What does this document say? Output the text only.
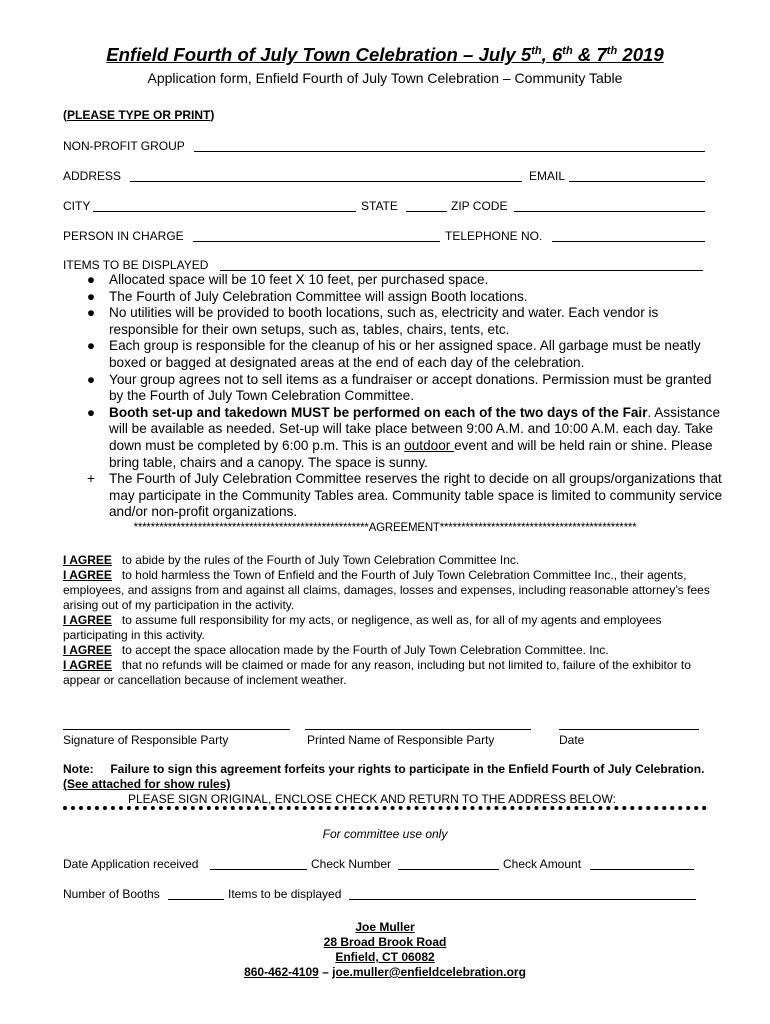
Enfield Fourth of July Town Celebration – July 5th, 6th & 7th 2019
Application form, Enfield Fourth of July Town Celebration – Community Table
(PLEASE TYPE OR PRINT)
NON-PROFIT GROUP
ADDRESS	EMAIL
CITY	STATE	ZIP CODE
PERSON IN CHARGE	TELEPHONE NO.
ITEMS TO BE DISPLAYED
● Allocated space will be 10 feet X 10 feet, per purchased space.
● The Fourth of July Celebration Committee will assign Booth locations.
● No utilities will be provided to booth locations, such as, electricity and water. Each vendor is responsible for their own setups, such as, tables, chairs, tents, etc.
● Each group is responsible for the cleanup of his or her assigned space. All garbage must be neatly boxed or bagged at designated areas at the end of each day of the celebration.
● Your group agrees not to sell items as a fundraiser or accept donations. Permission must be granted by the Fourth of July Town Celebration Committee.
● Booth set-up and takedown MUST be performed on each of the two days of the Fair. Assistance will be available as needed. Set-up will take place between 9:00 A.M. and 10:00 A.M. each day. Take down must be completed by 6:00 p.m. This is an outdoor event and will be held rain or shine. Please bring table, chairs and a canopy. The space is sunny.
+ The Fourth of July Celebration Committee reserves the right to decide on all groups/organizations that may participate in the Community Tables area. Community table space is limited to community service and/or non-profit organizations.
*******************************************************AGREEMENT**********************************************
I AGREE to abide by the rules of the Fourth of July Town Celebration Committee Inc.
I AGREE to hold harmless the Town of Enfield and the Fourth of July Town Celebration Committee Inc., their agents, employees, and assigns from and against all claims, damages, losses and expenses, including reasonable attorney’s fees arising out of my participation in the activity.
I AGREE to assume full responsibility for my acts, or negligence, as well as, for all of my agents and employees participating in this activity.
I AGREE to accept the space allocation made by the Fourth of July Town Celebration Committee. Inc.
I AGREE that no refunds will be claimed or made for any reason, including but not limited to, failure of the exhibitor to appear or cancellation because of inclement weather.
Signature of Responsible Party	Printed Name of Responsible Party	Date
Note: Failure to sign this agreement forfeits your rights to participate in the Enfield Fourth of July Celebration.  (See attached for show rules)
PLEASE SIGN ORIGINAL, ENCLOSE CHECK AND RETURN TO THE ADDRESS BELOW:
For committee use only
Date Application received	Check Number	Check Amount
Number of Booths	Items to be displayed
Joe Muller
28 Broad Brook Road
Enfield, CT 06082
860-462-4109 – joe.muller@enfieldcelebration.org
